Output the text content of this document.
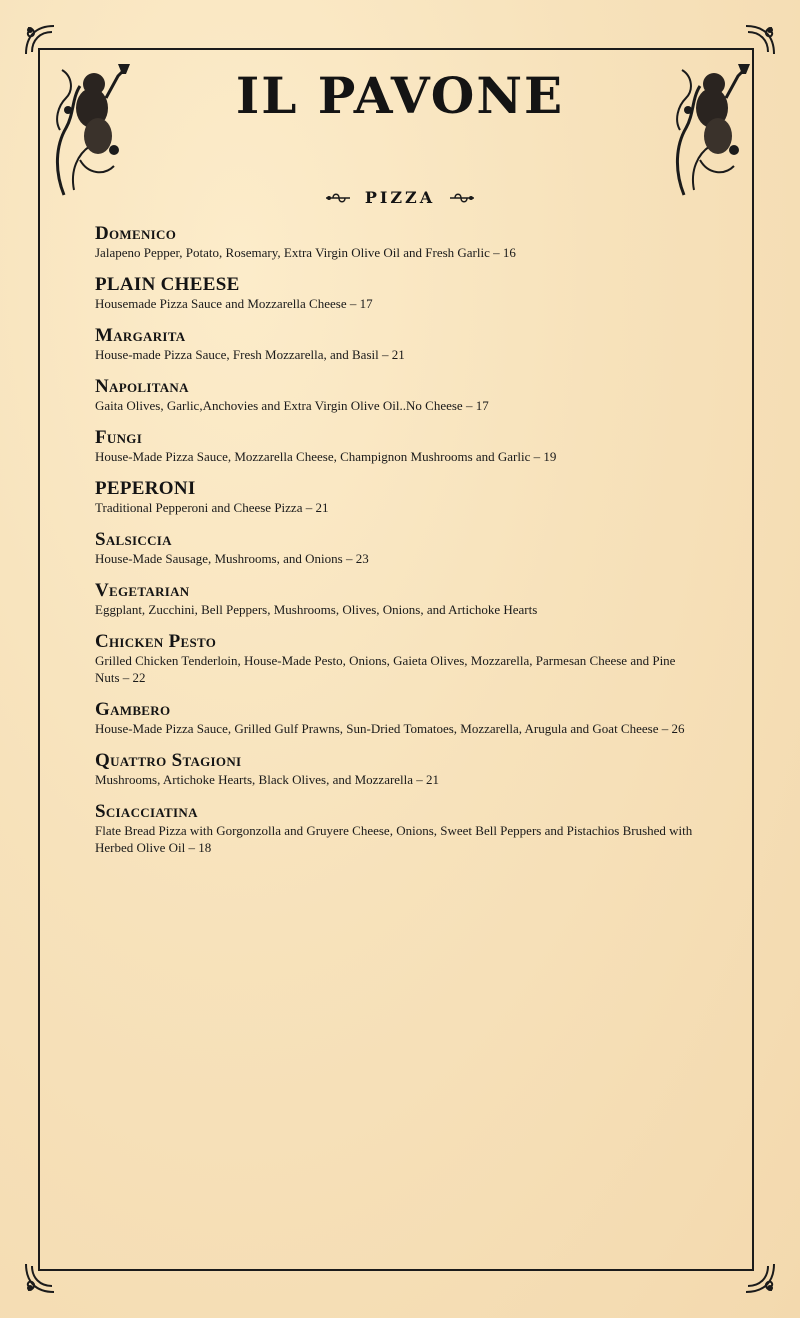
IL PAVONE
PIZZA
Domenico
Jalapeno Pepper, Potato, Rosemary, Extra Virgin Olive Oil and Fresh Garlic – 16
PLAIN CHEESE
Housemade Pizza Sauce and Mozzarella Cheese – 17
Margarita
House-made Pizza Sauce, Fresh Mozzarella, and Basil – 21
Napolitana
Gaita Olives, Garlic,Anchovies and Extra Virgin Olive Oil..No Cheese – 17
Fungi
House-Made Pizza Sauce, Mozzarella Cheese, Champignon Mushrooms and Garlic – 19
PEPERONI
Traditional Pepperoni and Cheese Pizza – 21
Salsiccia
House-Made Sausage, Mushrooms, and Onions – 23
Vegetarian
Eggplant, Zucchini, Bell Peppers, Mushrooms, Olives, Onions, and Artichoke Hearts
Chicken Pesto
Grilled Chicken Tenderloin, House-Made Pesto, Onions, Gaieta Olives, Mozzarella, Parmesan Cheese and Pine Nuts – 22
Gambero
House-Made Pizza Sauce, Grilled Gulf Prawns, Sun-Dried Tomatoes, Mozzarella, Arugula and Goat Cheese – 26
Quattro Stagioni
Mushrooms, Artichoke Hearts, Black Olives, and Mozzarella – 21
Sciacciatina
Flate Bread Pizza with Gorgonzolla and Gruyere Cheese, Onions, Sweet Bell Peppers and Pistachios Brushed with Herbed Olive Oil – 18
